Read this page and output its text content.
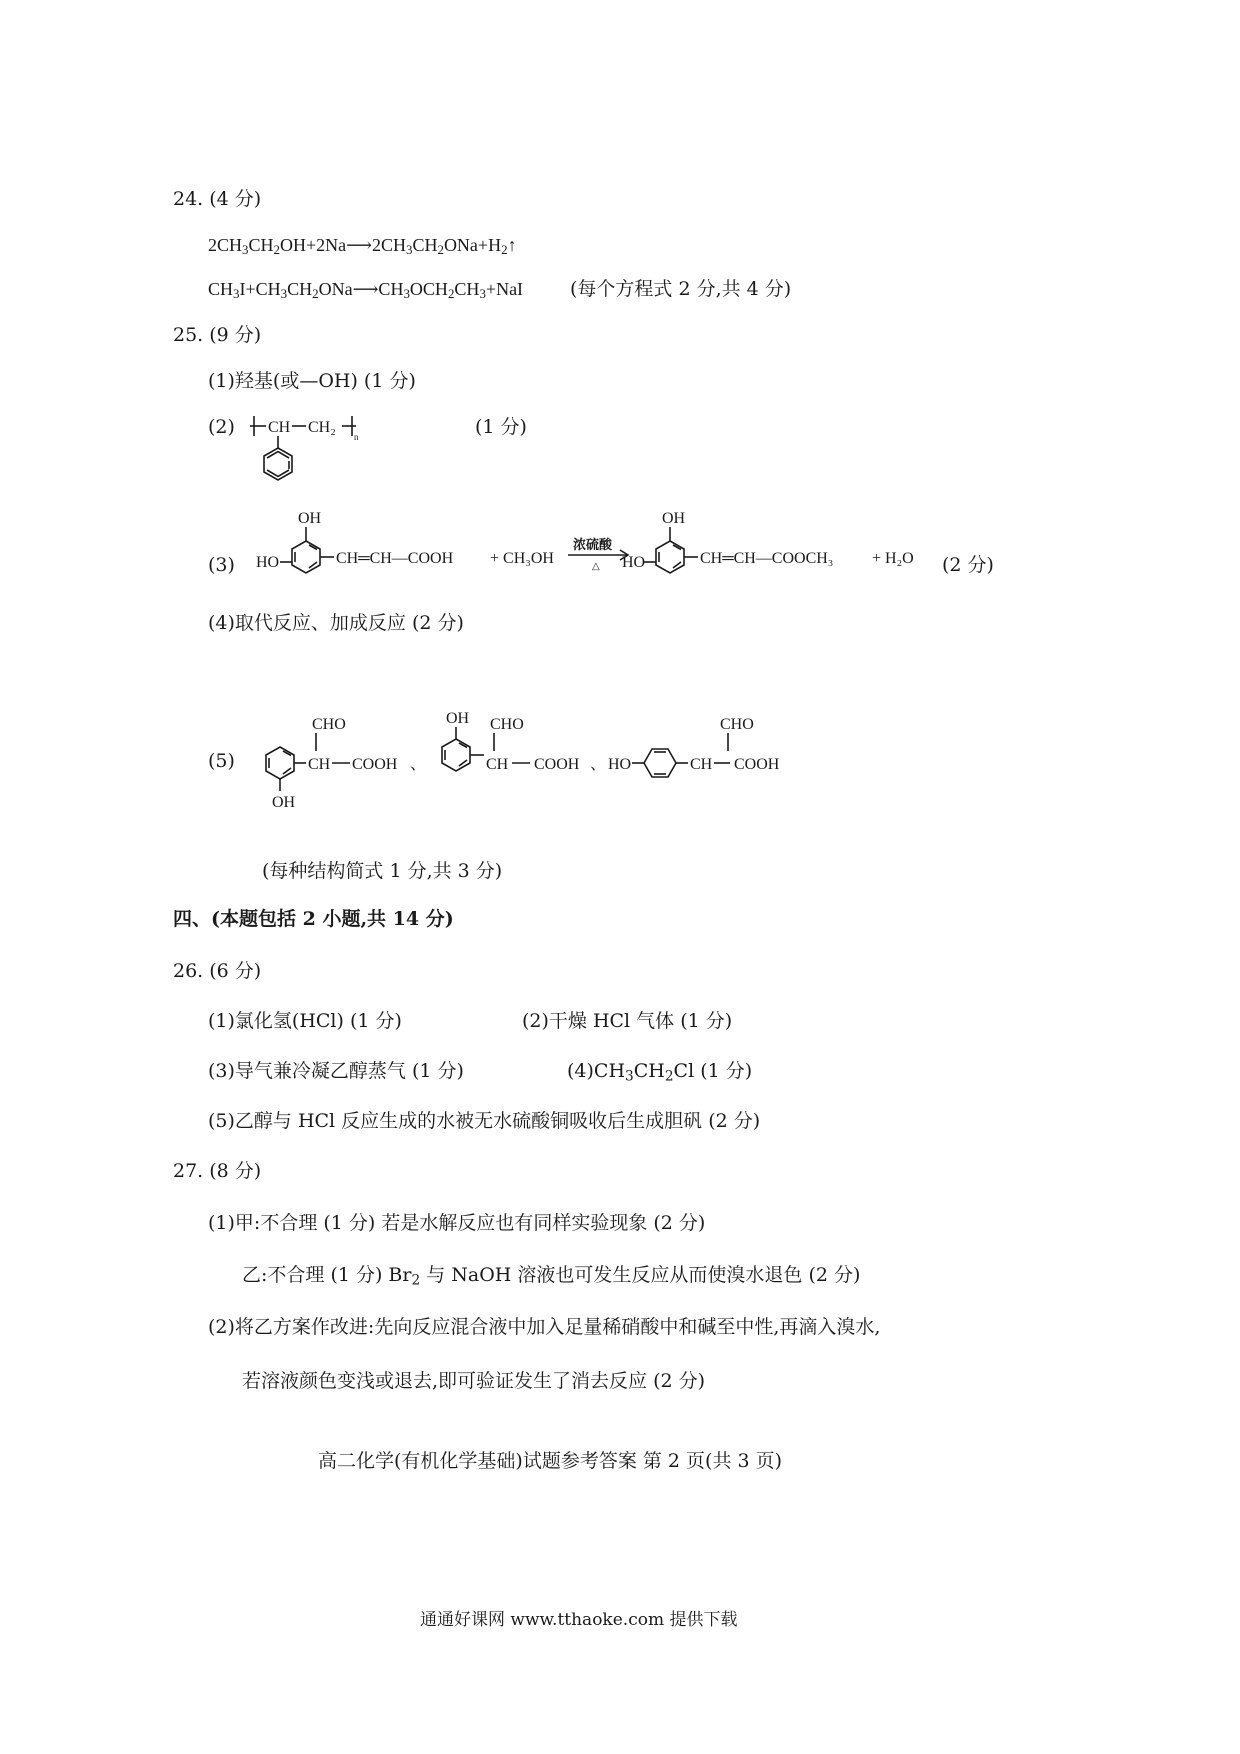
24. (4 分)
$2CH_3CH_2OH+2Na⟶2CH_3CH_2ONa+H_2↑$
$CH_3I+CH_3CH_2ONa⟶CH_3OCH_2CH_3+NaI$ (每个方程式 2 分,共 4 分)
25. (9 分)
(1)羟基(或—OH) (1 分)
(2) CH CH₂
n	(1 分)
(3)
OH
HO	CH═CH—COOH + CH₃OH
浓硫酸
△
OH
HO	CH═CH—COOCH₃ + H₂O (2 分)
(4)取代反应、加成反应 (2 分)
(5)	CH
CHO
COOH
OH
、
OH
CH
CHO
COOH 、 HO	CH
CHO
COOH
(每种结构简式 1 分,共 3 分)
四、(本题包括 2 小题,共 14 分)
26. (6 分)
(1)氯化氢(HCl) (1 分)	(2)干燥 HCl 气体 (1 分)
(3)导气兼冷凝乙醇蒸气 (1 分)	$(4)CH_3CH_2Cl$ (1 分)
(5)乙醇与 HCl 反应生成的水被无水硫酸铜吸收后生成胆矾 (2 分)
27. (8 分)
(1)甲:不合理 (1 分) 若是水解反应也有同样实验现象 (2 分)
乙:不合理 (1 分) $Br_2$ 与 NaOH 溶液也可发生反应从而使溴水退色 (2 分)
(2)将乙方案作改进:先向反应混合液中加入足量稀硝酸中和碱至中性,再滴入溴水,
若溶液颜色变浅或退去,即可验证发生了消去反应 (2 分)
高二化学(有机化学基础)试题参考答案 第 2 页(共 3 页)
通通好课网 www.tthaoke.com 提供下载
